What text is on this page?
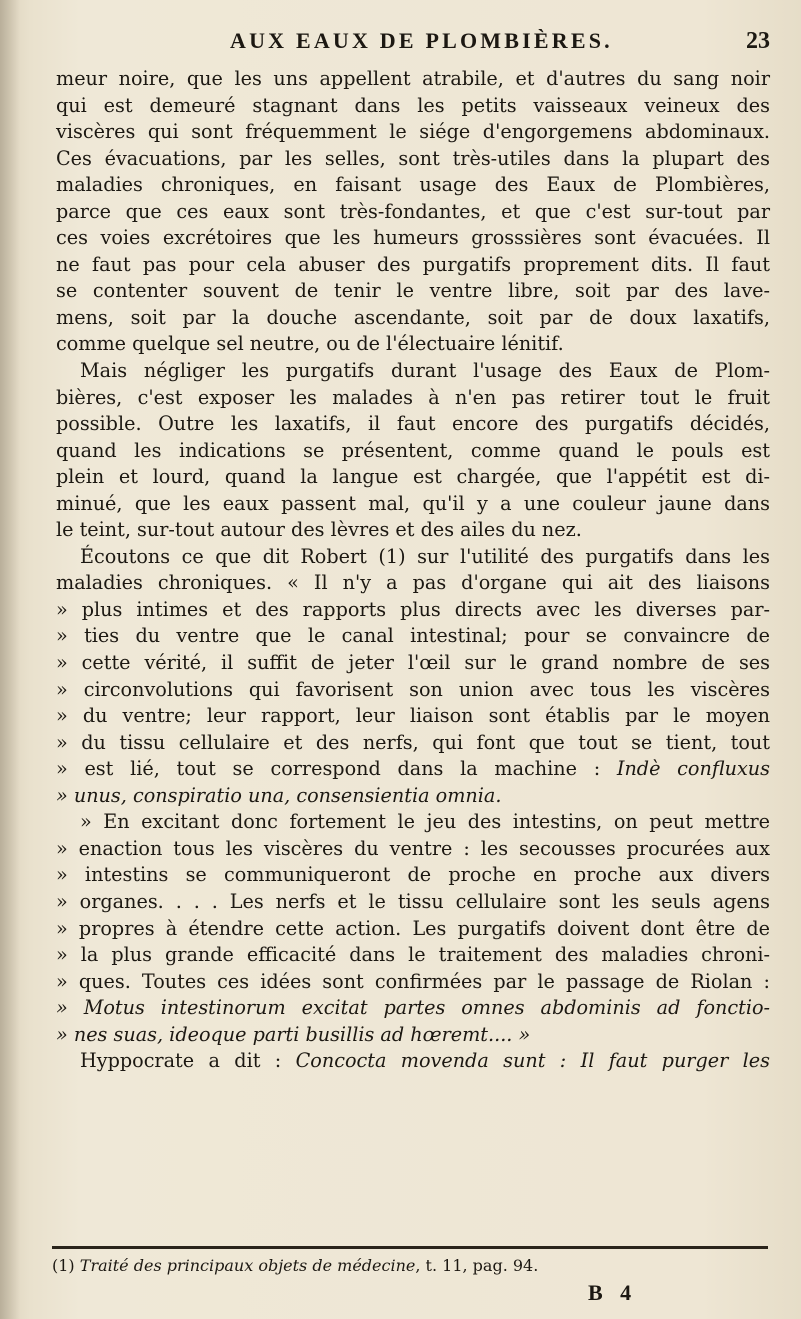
AUX EAUX DE PLOMBIÈRES.	23
meur noire, que les uns appellent atrabile, et d'autres du sang noir
qui est demeuré stagnant dans les petits vaisseaux veineux des
viscères qui sont fréquemment le siége d'engorgemens abdominaux.
Ces évacuations, par les selles, sont très-utiles dans la plupart des
maladies chroniques, en faisant usage des Eaux de Plombières,
parce que ces eaux sont très-fondantes, et que c'est sur-tout par
ces voies excrétoires que les humeurs grosssières sont évacuées. Il
ne faut pas pour cela abuser des purgatifs proprement dits. Il faut
se contenter souvent de tenir le ventre libre, soit par des lave-
mens, soit par la douche ascendante, soit par de doux laxatifs,
comme quelque sel neutre, ou de l'électuaire lénitif.
Mais négliger les purgatifs durant l'usage des Eaux de Plom-
bières, c'est exposer les malades à n'en pas retirer tout le fruit
possible. Outre les laxatifs, il faut encore des purgatifs décidés,
quand les indications se présentent, comme quand le pouls est
plein et lourd, quand la langue est chargée, que l'appétit est di-
minué, que les eaux passent mal, qu'il y a une couleur jaune dans
le teint, sur-tout autour des lèvres et des ailes du nez.
Écoutons ce que dit Robert (1) sur l'utilité des purgatifs dans les
maladies chroniques. « Il n'y a pas d'organe qui ait des liaisons
» plus intimes et des rapports plus directs avec les diverses par-
» ties du ventre que le canal intestinal; pour se convaincre de
» cette vérité, il suffit de jeter l'œil sur le grand nombre de ses
» circonvolutions qui favorisent son union avec tous les viscères
» du ventre; leur rapport, leur liaison sont établis par le moyen
» du tissu cellulaire et des nerfs, qui font que tout se tient, tout
» est lié, tout se correspond dans la machine : Indè confluxus
» unus, conspiratio una, consensientia omnia.
» En excitant donc fortement le jeu des intestins, on peut mettre
» enaction tous les viscères du ventre : les secousses procurées aux
» intestins se communiqueront de proche en proche aux divers
» organes. . . . Les nerfs et le tissu cellulaire sont les seuls agens
» propres à étendre cette action. Les purgatifs doivent dont être de
» la plus grande efficacité dans le traitement des maladies chroni-
» ques. Toutes ces idées sont confirmées par le passage de Riolan :
» Motus intestinorum excitat partes omnes abdominis ad fonctio-
» nes suas, ideoque parti busillis ad hœremt.... »
Hyppocrate a dit : Concocta movenda sunt : Il faut purger les
(1) Traité des principaux objets de médecine, t. 11, pag. 94.
B 4
